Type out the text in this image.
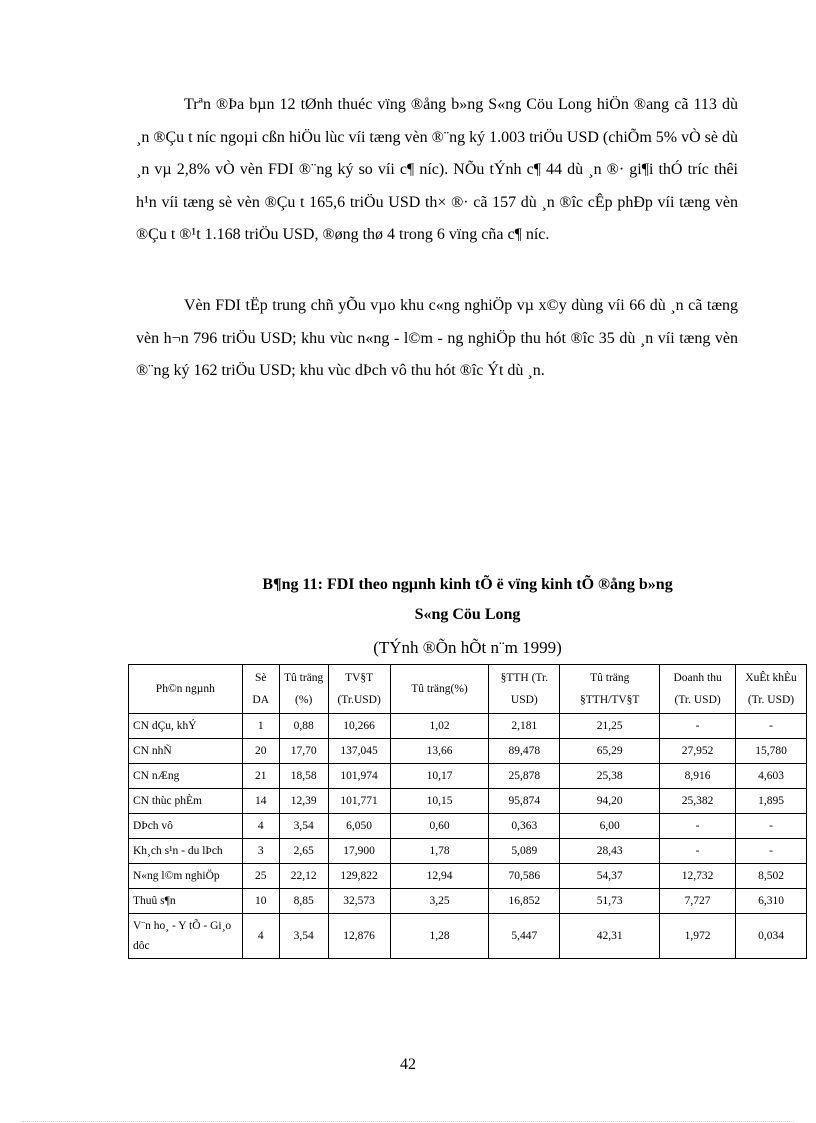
Trªn ®Þa bµn 12 tØnh thuéc vïng ®ång b»ng S«ng Cöu Long hiÖn ®ang cã 113 dù ¸n ®Çu t níc ngoµi cßn hiÖu lùc víi tæng vèn ®¨ng ký 1.003 triÖu USD (chiÕm 5% vÒ sè dù ¸n vµ 2,8% vÒ vèn FDI ®¨ng ký so víi c¶ níc). NÕu tÝnh c¶ 44 dù ¸n ®· gi¶i thÓ tríc thêi h¹n víi tæng sè vèn ®Çu t 165,6 triÖu USD th× ®· cã 157 dù ¸n ®îc cÊp phÐp víi tæng vèn ®Çu t ®¹t 1.168 triÖu USD, ®øng thø 4 trong 6 vïng cña c¶ níc.

Vèn FDI tËp trung chñ yÕu vµo khu c«ng nghiÖp vµ x©y dùng víi 66 dù ¸n cã tæng vèn h¬n 796 triÖu USD; khu vùc n«ng - l©m - ng nghiÖp thu hót ®îc 35 dù ¸n víi tæng vèn ®¨ng ký 162 triÖu USD; khu vùc dÞch vô thu hót ®îc Ýt dù ¸n.

B¶ng 11: FDI theo ngµnh kinh tÕ ë vïng kinh tÕ ®ång b»ng

S«ng Cöu Long

(TÝnh ®Õn hÕt n¨m 1999)

Ph©n ngµnh	Sè DA	Tû träng (%)	TV§T (Tr.USD)	Tû träng(%)	§TTH (Tr. USD)	Tû träng §TTH/TV§T	Doanh thu (Tr. USD)	XuÊt khÈu (Tr. USD)
CN dÇu, khÝ	1	0,88	10,266	1,02	2,181	21,25	-	-
CN nhÑ	20	17,70	137,045	13,66	89,478	65,29	27,952	15,780
CN nÆng	21	18,58	101,974	10,17	25,878	25,38	8,916	4,603
CN thùc phÈm	14	12,39	101,771	10,15	95,874	94,20	25,382	1,895
DÞch vô	4	3,54	6,050	0,60	0,363	6,00	-	-
Kh¸ch s¹n - du lÞch	3	2,65	17,900	1,78	5,089	28,43	-	-
N«ng l©m nghiÖp	25	22,12	129,822	12,94	70,586	54,37	12,732	8,502
Thuû s¶n	10	8,85	32,573	3,25	16,852	51,73	7,727	6,310
V¨n ho¸ - Y tÕ - Gi¸o dôc	4	3,54	12,876	1,28	5,447	42,31	1,972	0,034
42
